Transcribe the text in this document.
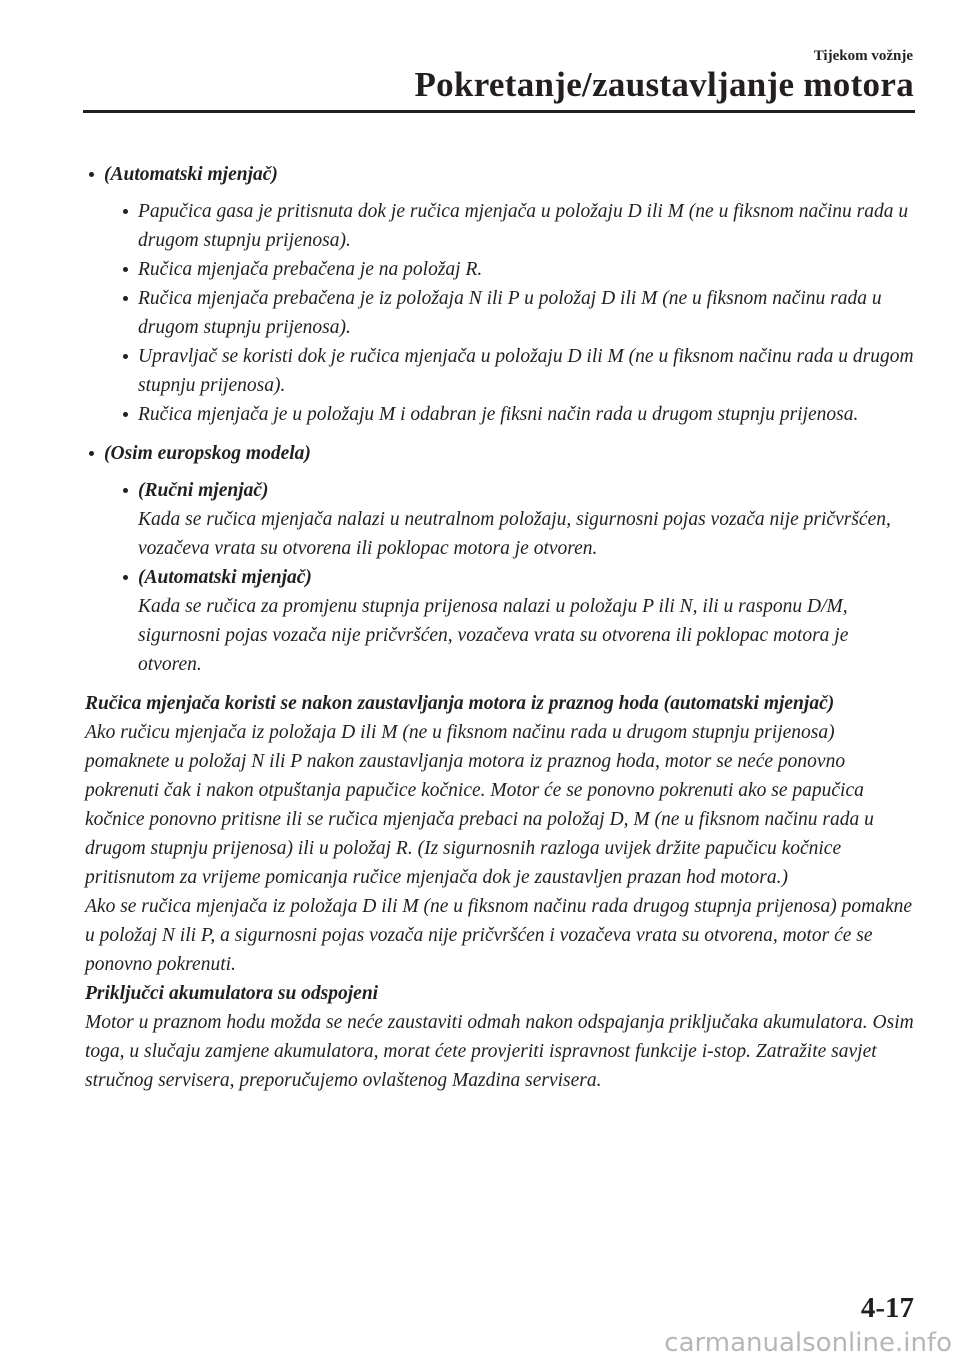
Tijekom vožnje
Pokretanje/zaustavljanje motora
(Automatski mjenjač)
Papučica gasa je pritisnuta dok je ručica mjenjača u položaju D ili M (ne u fiksnom načinu rada u drugom stupnju prijenosa).
Ručica mjenjača prebačena je na položaj R.
Ručica mjenjača prebačena je iz položaja N ili P u položaj D ili M (ne u fiksnom načinu rada u drugom stupnju prijenosa).
Upravljač se koristi dok je ručica mjenjača u položaju D ili M (ne u fiksnom načinu rada u drugom stupnju prijenosa).
Ručica mjenjača je u položaju M i odabran je fiksni način rada u drugom stupnju prijenosa.
(Osim europskog modela)
(Ručni mjenjač)
Kada se ručica mjenjača nalazi u neutralnom položaju, sigurnosni pojas vozača nije pričvršćen, vozačeva vrata su otvorena ili poklopac motora je otvoren.
(Automatski mjenjač)
Kada se ručica za promjenu stupnja prijenosa nalazi u položaju P ili N, ili u rasponu D/M, sigurnosni pojas vozača nije pričvršćen, vozačeva vrata su otvorena ili poklopac motora je otvoren.
Ručica mjenjača koristi se nakon zaustavljanja motora iz praznog hoda (automatski mjenjač)
Ako ručicu mjenjača iz položaja D ili M (ne u fiksnom načinu rada u drugom stupnju prijenosa) pomaknete u položaj N ili P nakon zaustavljanja motora iz praznog hoda, motor se neće ponovno pokrenuti čak i nakon otpuštanja papučice kočnice. Motor će se ponovno pokrenuti ako se papučica kočnice ponovno pritisne ili se ručica mjenjača prebaci na položaj D, M (ne u fiksnom načinu rada u drugom stupnju prijenosa) ili u položaj R. (Iz sigurnosnih razloga uvijek držite papučicu kočnice pritisnutom za vrijeme pomicanja ručice mjenjača dok je zaustavljen prazan hod motora.)
Ako se ručica mjenjača iz položaja D ili M (ne u fiksnom načinu rada drugog stupnja prijenosa) pomakne u položaj N ili P, a sigurnosni pojas vozača nije pričvršćen i vozačeva vrata su otvorena, motor će se ponovno pokrenuti.
Priključci akumulatora su odspojeni
Motor u praznom hodu možda se neće zaustaviti odmah nakon odspajanja priključaka akumulatora. Osim toga, u slučaju zamjene akumulatora, morat ćete provjeriti ispravnost funkcije i-stop. Zatražite savjet stručnog servisera, preporučujemo ovlaštenog Mazdina servisera.
4-17
carmanualsonline.info
